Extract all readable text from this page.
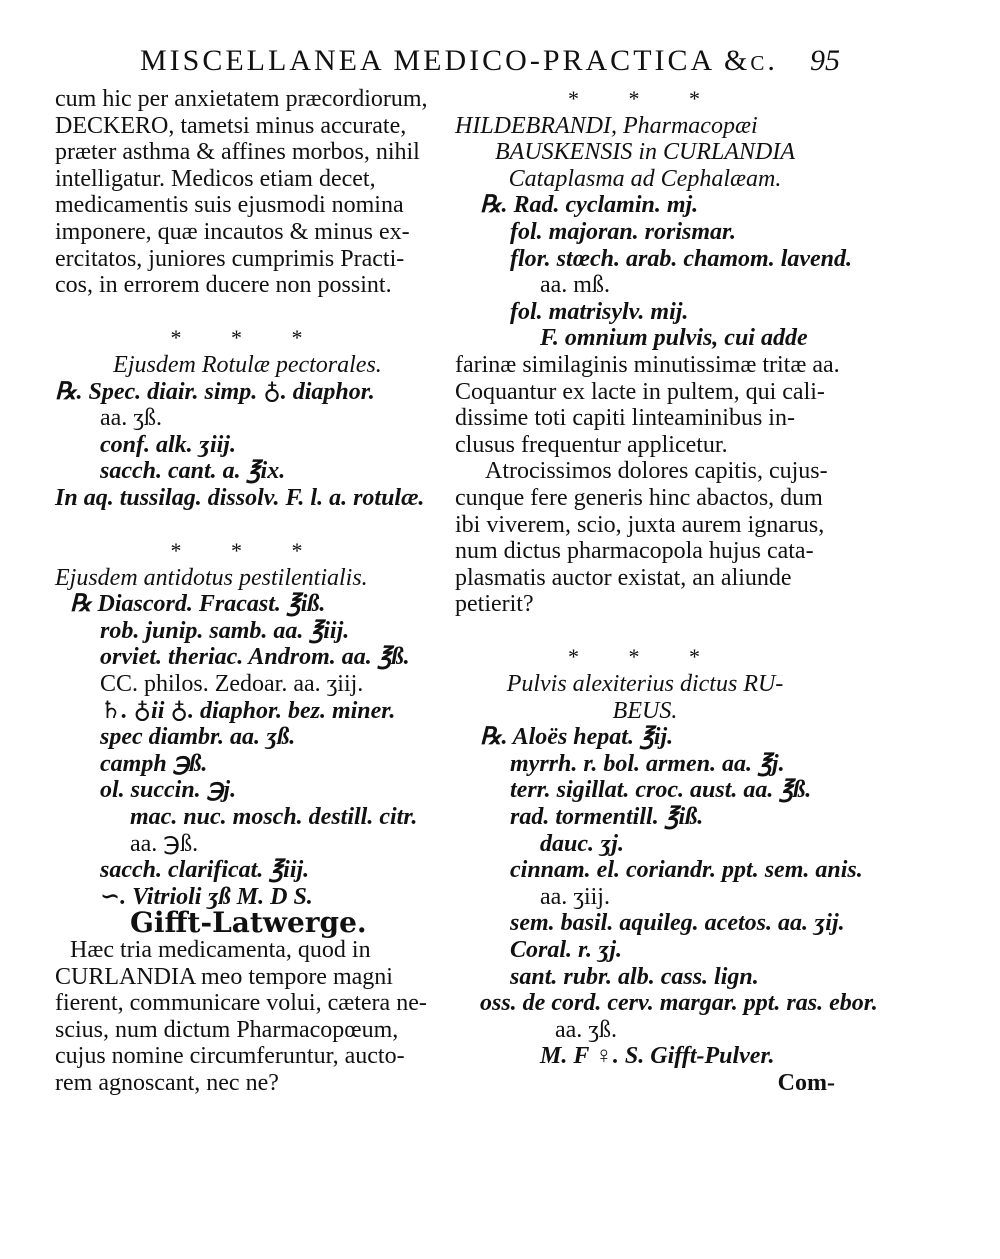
MISCELLANEA MEDICO-PRACTICA &c. 95
cum hic per anxietatem præcordiorum,
DECKERO, tametsi minus accurate,
præter asthma & affines morbos, nihil
intelligatur. Medicos etiam decet,
medicamentis suis ejusmodi nomina
imponere, quæ incautos & minus ex-
ercitatos, juniores cumprimis Practi-
cos, in errorem ducere non possint.
* * *
Ejusdem Rotulæ pectorales.
℞. Spec. diair. simp. ♁. diaphor.
aa. ʒß.
conf. alk. ʒiij.
sacch. cant. a. ℥ix.
In aq. tussilag. dissolv. F. l. a. rotulæ.
* * *
Ejusdem antidotus pestilentialis.
℞ Diascord. Fracast. ℥iß.
rob. junip. samb. aa. ℥iij.
orviet. theriac. Androm. aa. ℥ß.
CC. philos. Zedoar. aa. ʒiij.
♄. ♁ii ♁. diaphor. bez. miner.
spec diambr. aa. ʒß.
camph ℈ß.
ol. succin. ℈j.
mac. nuc. mosch. destill. citr.
aa. ℈ß.
sacch. clarificat. ℥iij.
∽. Vitrioli ʒß M. D S.
Gifft-Latwerge.
Hæc tria medicamenta, quod in
CURLANDIA meo tempore magni
fierent, communicare volui, cætera ne-
scius, num dictum Pharmacopœum,
cujus nomine circumferuntur, aucto-
rem agnoscant, nec ne?
* * *
HILDEBRANDI, Pharmacopæi
BAUSKENSIS in CURLANDIA
Cataplasma ad Cephalæam.
℞. Rad. cyclamin. mj.
fol. majoran. rorismar.
flor. stœch. arab. chamom. lavend.
aa. mß.
fol. matrisylv. mij.
F. omnium pulvis, cui adde
farinæ similaginis minutissimæ tritæ aa.
Coquantur ex lacte in pultem, qui cali-
dissime toti capiti linteaminibus in-
clusus frequentur applicetur.
Atrocissimos dolores capitis, cujus-
cunque fere generis hinc abactos, dum
ibi viverem, scio, juxta aurem ignarus,
num dictus pharmacopola hujus cata-
plasmatis auctor existat, an aliunde
petierit?
* * *
Pulvis alexiterius dictus RU-
BEUS.
℞. Aloës hepat. ℥ij.
myrrh. r. bol. armen. aa. ℥j.
terr. sigillat. croc. aust. aa. ℥ß.
rad. tormentill. ℥iß.
dauc. ʒj.
cinnam. el. coriandr. ppt. sem. anis.
aa. ʒiij.
sem. basil. aquileg. acetos. aa. ʒij.
Coral. r. ʒj.
sant. rubr. alb. cass. lign.
oss. de cord. cerv. margar. ppt. ras. ebor.
aa. ʒß.
M. F ♀. S. Gifft-Pulver.
Com-
